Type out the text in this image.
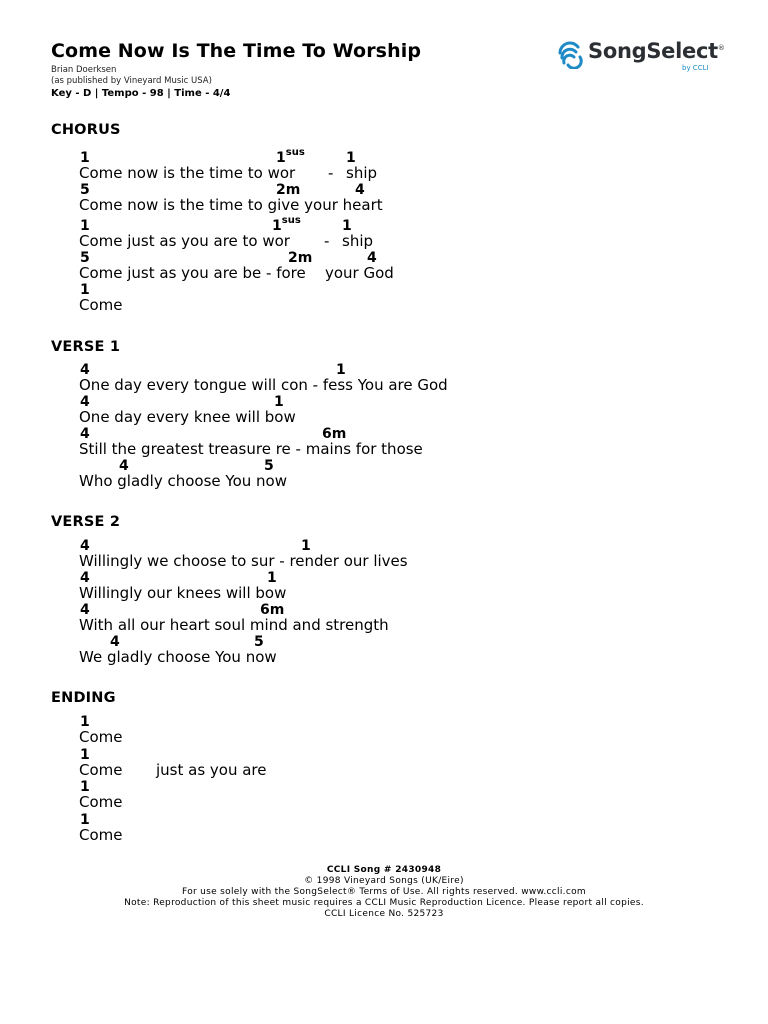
Come Now Is The Time To Worship
Brian Doerksen
(as published by Vineyard Music USA)
Key - D | Tempo - 98 | Time - 4/4
SongSelect®
by CCLI
CHORUS
1	$1^{sus}$	1
Come now is the time to wor - ship
5	2m	4
Come now is the time to give your heart
1	$1^{sus}$	1
Come just as you are to wor - ship
5	2m	4
Come just as you are be - fore your God
1
Come
VERSE 1
4	1
One day every tongue will con - fess You are God
4	1
One day every knee will bow
4	6m
Still the greatest treasure re - mains for those
4	5
Who gladly choose You now
VERSE 2
4	1
Willingly we choose to sur - render our lives
4	1
Willingly our knees will bow
4	6m
With all our heart soul mind and strength
4	5
We gladly choose You now
ENDING
1
Come
1
Come just as you are
1
Come
1
Come
CCLI Song # 2430948
© 1998 Vineyard Songs (UK/Eire)
For use solely with the SongSelect® Terms of Use. All rights reserved. www.ccli.com
Note: Reproduction of this sheet music requires a CCLI Music Reproduction Licence. Please report all copies.
CCLI Licence No. 525723
